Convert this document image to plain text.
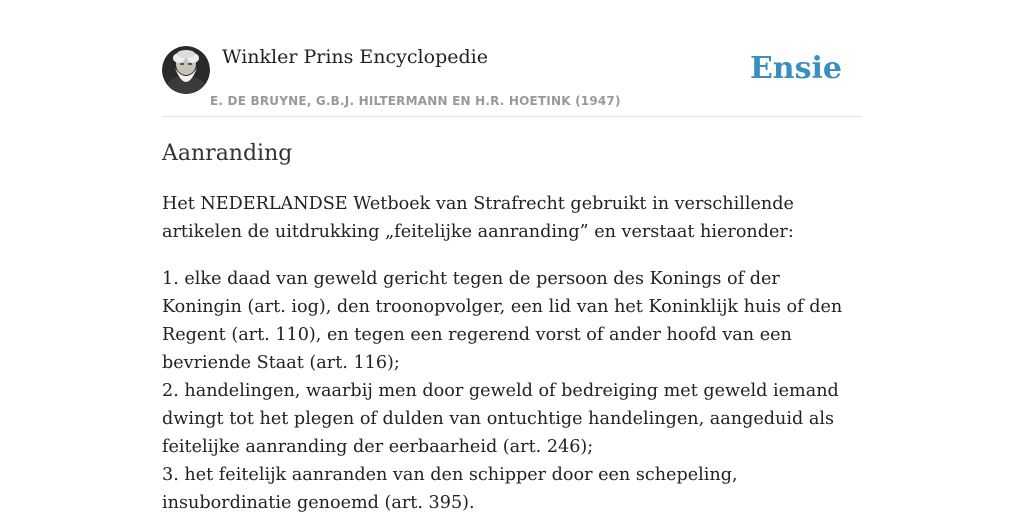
Winkler Prins Encyclopedie
E. DE BRUYNE, G.B.J. HILTERMANN EN H.R. HOETINK (1947)
Ensie
Aanranding

Het NEDERLANDSE Wetboek van Strafrecht gebruikt in verschillende artikelen de uitdrukking „feitelijke aanranding” en verstaat hieronder:

1. elke daad van geweld gericht tegen de persoon des Konings of der Koningin (art. iog), den troonopvolger, een lid van het Koninklijk huis of den Regent (art. 110), en tegen een regerend vorst of ander hoofd van een bevriende Staat (art. 116);
2. handelingen, waarbij men door geweld of bedreiging met geweld iemand dwingt tot het plegen of dulden van ontuchtige handelingen, aangeduid als feitelijke aanranding der eerbaarheid (art. 246);
3. het feitelijk aanranden van den schipper door een schepeling, insubordinatie genoemd (art. 395).
